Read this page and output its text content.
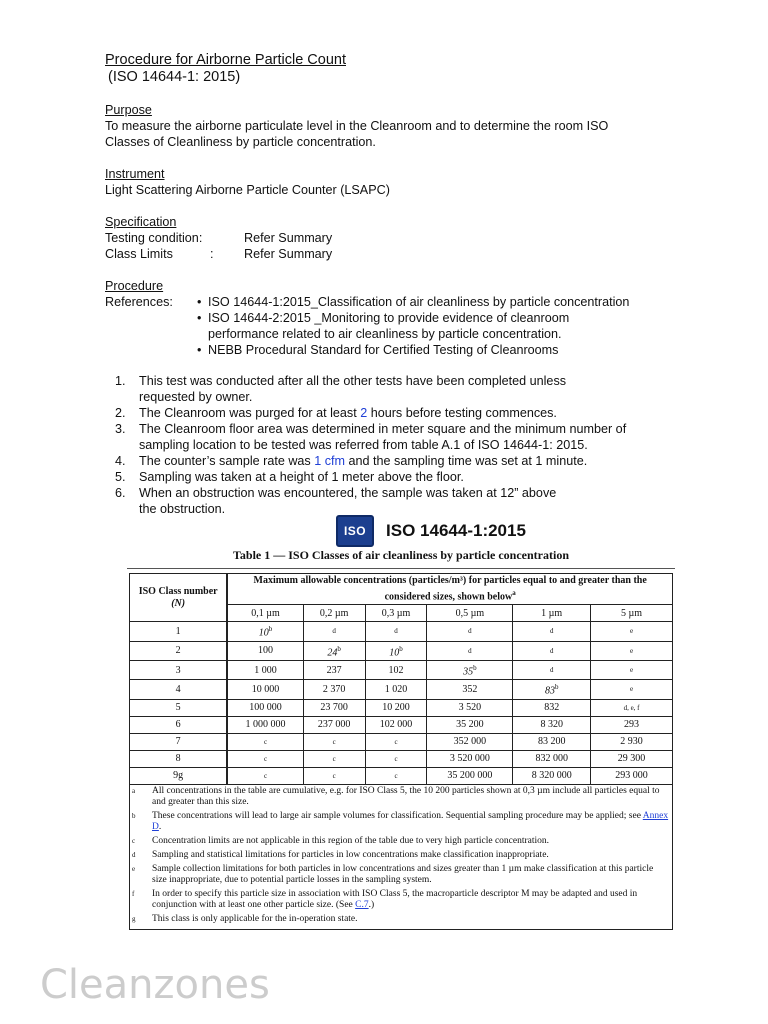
Procedure for Airborne Particle Count
(ISO 14644-1: 2015)
Purpose
To measure the airborne particulate level in the Cleanroom and to determine the room ISO
Classes of Cleanliness by particle concentration.
Instrument
Light Scattering Airborne Particle Counter (LSAPC)
Specification
Testing condition:	Refer Summary
Class Limits	:	Refer Summary
Procedure
References:	• ISO 14644-1:2015_Classification of air cleanliness by particle concentration
• ISO 14644-2:2015 _Monitoring to provide evidence of cleanroom
performance related to air cleanliness by particle concentration.
• NEBB Procedural Standard for Certified Testing of Cleanrooms
1. This test was conducted after all the other tests have been completed unless
requested by owner.
2. The Cleanroom was purged for at least 2 hours before testing commences.
3. The Cleanroom floor area was determined in meter square and the minimum number of
sampling location to be tested was referred from table A.1 of ISO 14644-1: 2015.
4. The counter’s sample rate was 1 cfm and the sampling time was set at 1 minute.
5. Sampling was taken at a height of 1 meter above the floor.
6. When an obstruction was encountered, the sample was taken at 12” above
the obstruction.
ISO	ISO 14644-1:2015
Table 1 — ISO Classes of air cleanliness by particle concentration
ISO Class number
(N)	Maximum allowable concentrations (particles/m³) for particles equal to and greater than the considered sizes, shown below$^a$
	0,1 µm	0,2 µm	0,3 µm	0,5 µm	1 µm	5 µm
1	10$^b$	d	d	d	d	e
2	100	24$^b$	10$^b$	d	d	e
3	1 000	237	102	35$^b$	d	e
4	10 000	2 370	1 020	352	83$^b$	e
5	100 000	23 700	10 200	3 520	832	d, e, f
6	1 000 000	237 000	102 000	35 200	8 320	293
7	c	c	c	352 000	83 200	2 930
8	c	c	c	3 520 000	832 000	29 300
9g	c	c	c	35 200 000	8 320 000	293 000
a	All concentrations in the table are cumulative, e.g. for ISO Class 5, the 10 200 particles shown at 0,3 µm include all particles equal to and greater than this size.
b	These concentrations will lead to large air sample volumes for classification. Sequential sampling procedure may be applied; see Annex D.
c	Concentration limits are not applicable in this region of the table due to very high particle concentration.
d	Sampling and statistical limitations for particles in low concentrations make classification inappropriate.
e	Sample collection limitations for both particles in low concentrations and sizes greater than 1 µm make classification at this particle size inappropriate, due to potential particle losses in the sampling system.
f	In order to specify this particle size in association with ISO Class 5, the macroparticle descriptor M may be adapted and used in conjunction with at least one other particle size. (See C.7.)
g	This class is only applicable for the in-operation state.
Cleanzones
